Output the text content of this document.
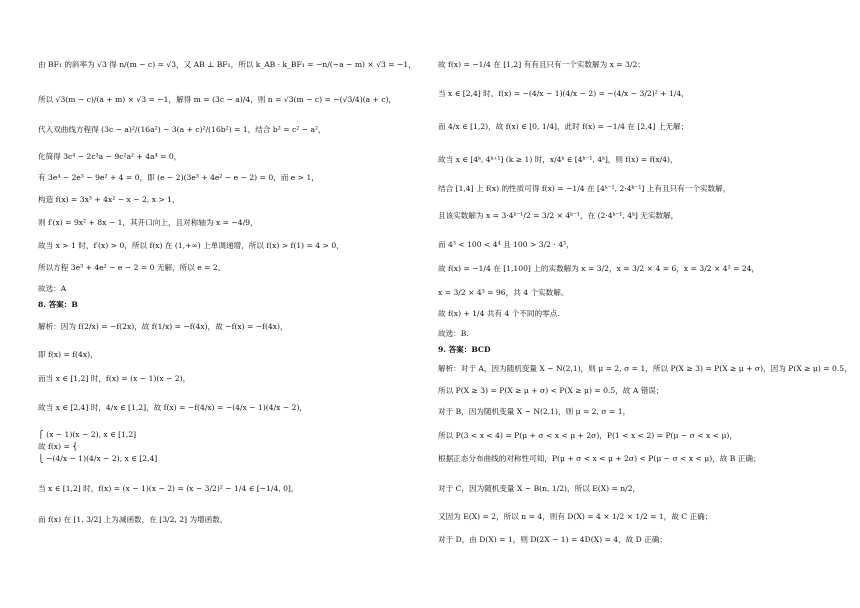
由 BF₁ 的斜率为 √3 得 n/(m − c) = √3，又 AB ⊥ BF₁，所以 k_AB · k_BF₁ = −n/(−a − m) × √3 = −1，
所以 √3(m − c)/(a + m) × √3 = −1，解得 m = (3c − a)/4，则 n = √3(m − c) = −(√3/4)(a + c)，
代入双曲线方程得 (3c − a)²/(16a²) − 3(a + c)²/(16b²) = 1，结合 b² = c² − a²，
化简得 3c⁴ − 2c³a − 9c²a² + 4a⁴ = 0，
有 3e⁴ − 2e³ − 9e² + 4 = 0，即 (e − 2)(3e³ + 4e² − e − 2) = 0，而 e > 1，
构造 f(x) = 3x³ + 4x² − x − 2, x > 1，
则 f′(x) = 9x² + 8x − 1，其开口向上，且对称轴为 x = −4/9，
故当 x > 1 时，f′(x) > 0，所以 f(x) 在 (1,+∞) 上单调递增，所以 f(x) > f(1) = 4 > 0，
所以方程 3e³ + 4e² − e − 2 = 0 无解，所以 e = 2。
故选：A
8. 答案：B
解析：因为 f(2/x) = −f(2x)，故 f(1/x) = −f(4x)，故 −f(x) = −f(4x)，
即 f(x) = f(4x)，
而当 x ∈ [1,2] 时，f(x) = (x − 1)(x − 2)，
故当 x ∈ [2,4] 时，4/x ∈ [1,2]，故 f(x) = −f(4/x) = −(4/x − 1)(4/x − 2)，
⎧ (x − 1)(x − 2), x ∈ [1,2]
故 f(x) = ⎨
⎩ −(4/x − 1)(4/x − 2), x ∈ [2,4]
当 x ∈ [1,2] 时，f(x) = (x − 1)(x − 2) = (x − 3/2)² − 1/4 ∈ [−1/4, 0]，
而 f(x) 在 [1, 3/2] 上为减函数，在 [3/2, 2] 为增函数，
故 f(x) = −1/4 在 [1,2] 有有且只有一个实数解为 x = 3/2；
当 x ∈ [2,4] 时，f(x) = −(4/x − 1)(4/x − 2) = −(4/x − 3/2)² + 1/4，
而 4/x ∈ [1,2)，故 f(x) ∈ [0, 1/4]，此时 f(x) = −1/4 在 [2,4] 上无解；
故当 x ∈ [4ᵏ, 4ᵏ⁺¹] (k ≥ 1) 时，x/4ᵏ ∈ [4ᵏ⁻¹, 4ᵏ]，则 f(x) = f(x/4)，
结合 [1,4] 上 f(x) 的性质可得 f(x) = −1/4 在 [4ᵏ⁻¹, 2·4ᵏ⁻¹] 上有且只有一个实数解，
且该实数解为 x = 3·4ᵏ⁻¹/2 = 3/2 × 4ᵏ⁻¹，在 (2·4ᵏ⁻¹, 4ᵏ] 无实数解，
而 4³ < 100 < 4⁴ 且 100 > 3/2 · 4³，
故 f(x) = −1/4 在 [1,100] 上的实数解为 x = 3/2，x = 3/2 × 4 = 6，x = 3/2 × 4² = 24，
x = 3/2 × 4³ = 96，共 4 个实数解。
故 f(x) + 1/4 共有 4 个不同的零点.
故选：B.
9. 答案：BCD
解析：对于 A，因为随机变量 X ~ N(2,1)，则 μ = 2, σ = 1，所以 P(X ≥ 3) = P(X ≥ μ + σ)，因为 P(X ≥ μ) = 0.5，
所以 P(X ≥ 3) = P(X ≥ μ + σ) < P(X ≥ μ) = 0.5，故 A 错误；
对于 B，因为随机变量 X ~ N(2,1)，则 μ = 2, σ = 1，
所以 P(3 < x < 4) = P(μ + σ < x < μ + 2σ)，P(1 < x < 2) = P(μ − σ < x < μ)，
根据正态分布曲线的对称性可知，P(μ + σ < x < μ + 2σ) < P(μ − σ < x < μ)，故 B 正确；
对于 C，因为随机变量 X ~ B(n, 1/2)，所以 E(X) = n/2，
又因为 E(X) = 2，所以 n = 4，则有 D(X) = 4 × 1/2 × 1/2 = 1，故 C 正确；
对于 D，由 D(X) = 1，则 D(2X − 1) = 4D(X) = 4，故 D 正确；
